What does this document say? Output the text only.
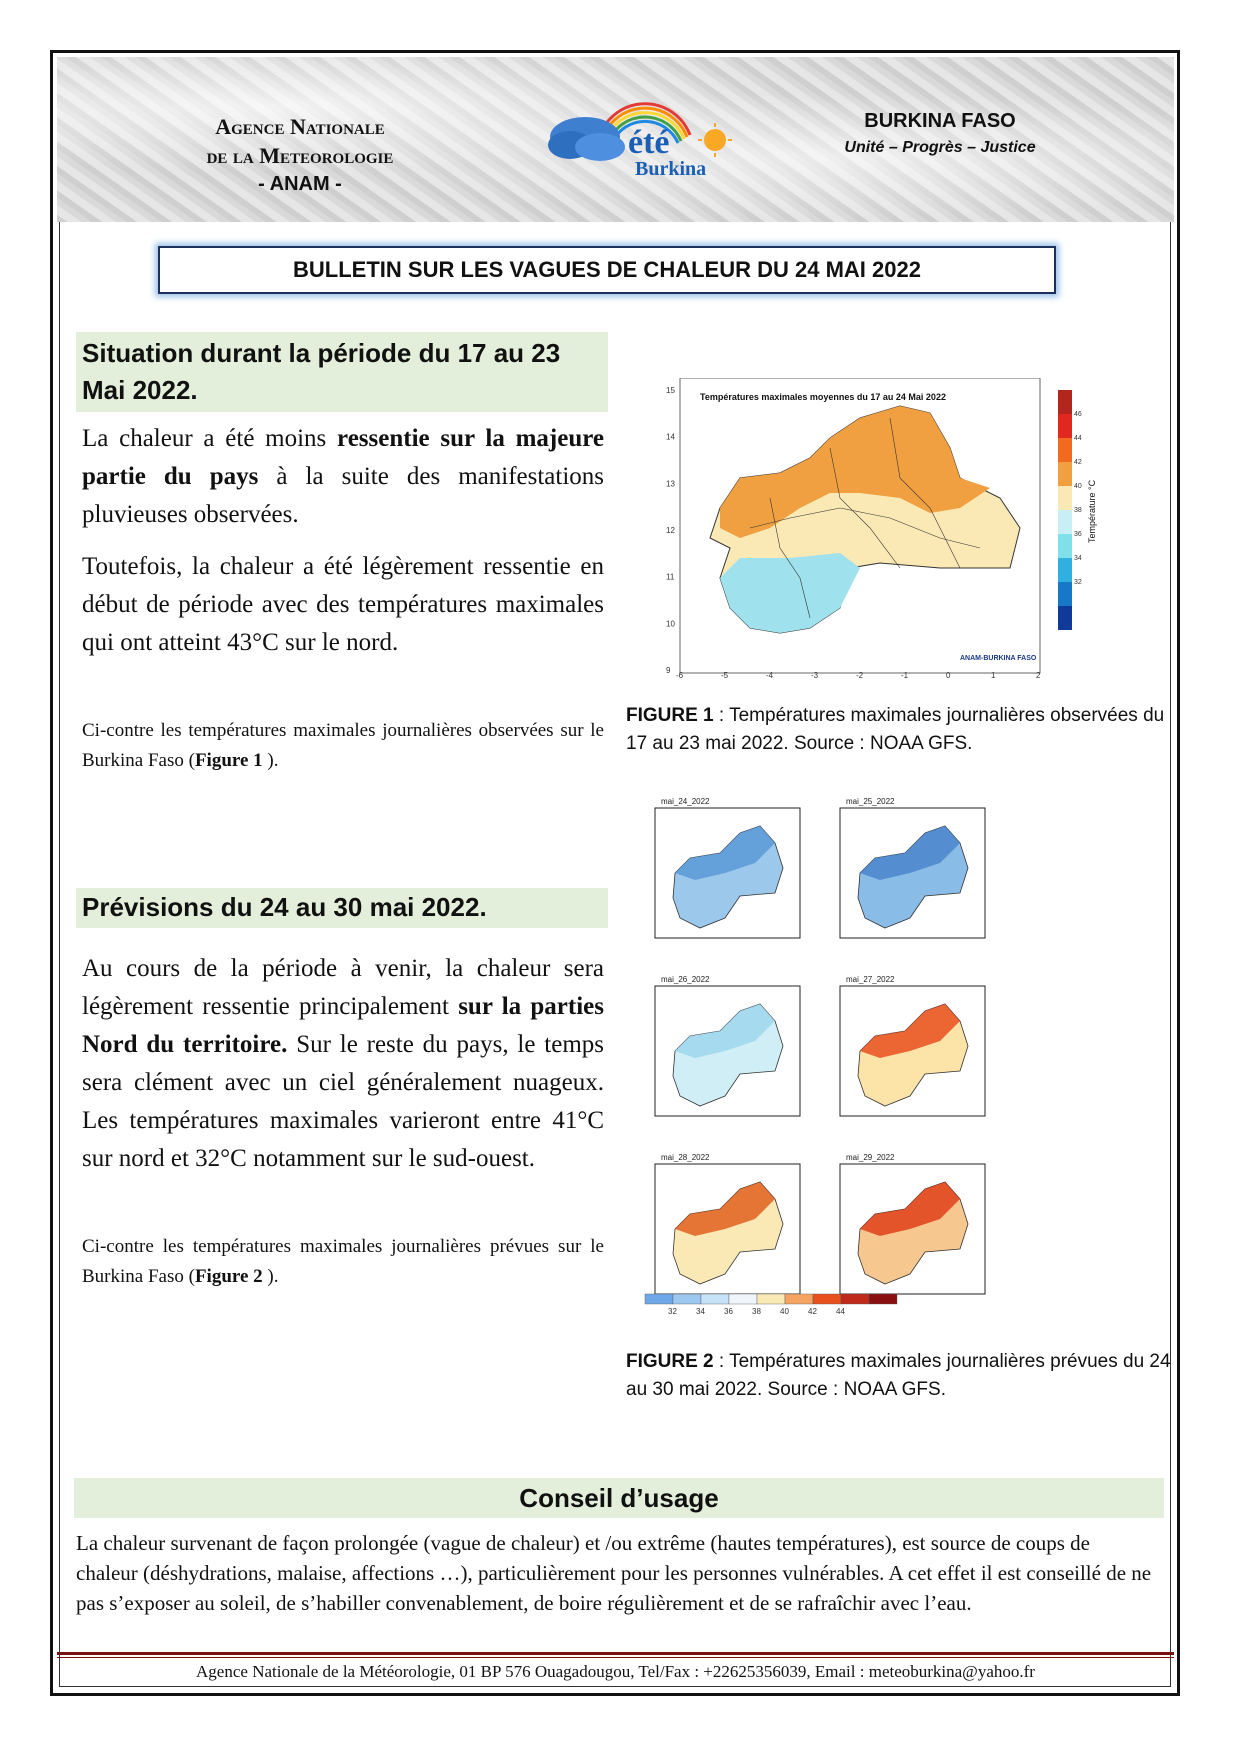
Agence Nationale
de la Meteorologie
- ANAM -
été
Burkina
BURKINA FASO
Unité – Progrès – Justice
BULLETIN SUR LES VAGUES DE CHALEUR DU 24 MAI 2022
Situation durant la période du 17 au 23 Mai 2022.
La chaleur a été moins ressentie sur la majeure partie du pays à la suite des manifestations pluvieuses observées.
Toutefois, la chaleur a été légèrement ressentie en début de période avec des températures maximales qui ont atteint 43°C sur le nord.
Ci-contre les températures maximales journalières observées sur le Burkina Faso (Figure 1 ).
Températures maximales moyennes du 17 au 24 Mai 2022
15
14
13
12
11
10
9
-6	-5	-4	-3	-2	-1	0	1	2
46
44
42
40
38
36
34
32
Température °C
ANAM-BURKINA FASO
FIGURE 1 : Températures maximales journalières observées du 17 au 23 mai 2022. Source : NOAA GFS.
Prévisions du 24 au 30 mai 2022.
Au cours de la période à venir, la chaleur sera légèrement ressentie principalement sur la parties Nord du territoire. Sur le reste du pays, le temps sera clément avec un ciel généralement nuageux. Les températures maximales varieront entre 41°C sur nord et 32°C notamment sur le sud-ouest.
Ci-contre les températures maximales journalières prévues sur le Burkina Faso (Figure 2 ).
mai_24_2022	mai_25_2022
mai_26_2022	mai_27_2022
mai_28_2022	mai_29_2022
32 34 36 38 40 42 44
FIGURE 2 : Températures maximales journalières prévues du 24 au 30 mai 2022. Source : NOAA GFS.
Conseil d’usage
La chaleur survenant de façon prolongée (vague de chaleur) et /ou extrême (hautes températures), est source de coups de chaleur (déshydrations, malaise, affections …), particulièrement pour les personnes vulnérables. A cet effet il est conseillé de ne pas s’exposer au soleil, de s’habiller convenablement, de boire régulièrement et de se rafraîchir avec l’eau.
Agence Nationale de la Météorologie, 01 BP 576 Ouagadougou, Tel/Fax : +22625356039, Email : meteoburkina@yahoo.fr
